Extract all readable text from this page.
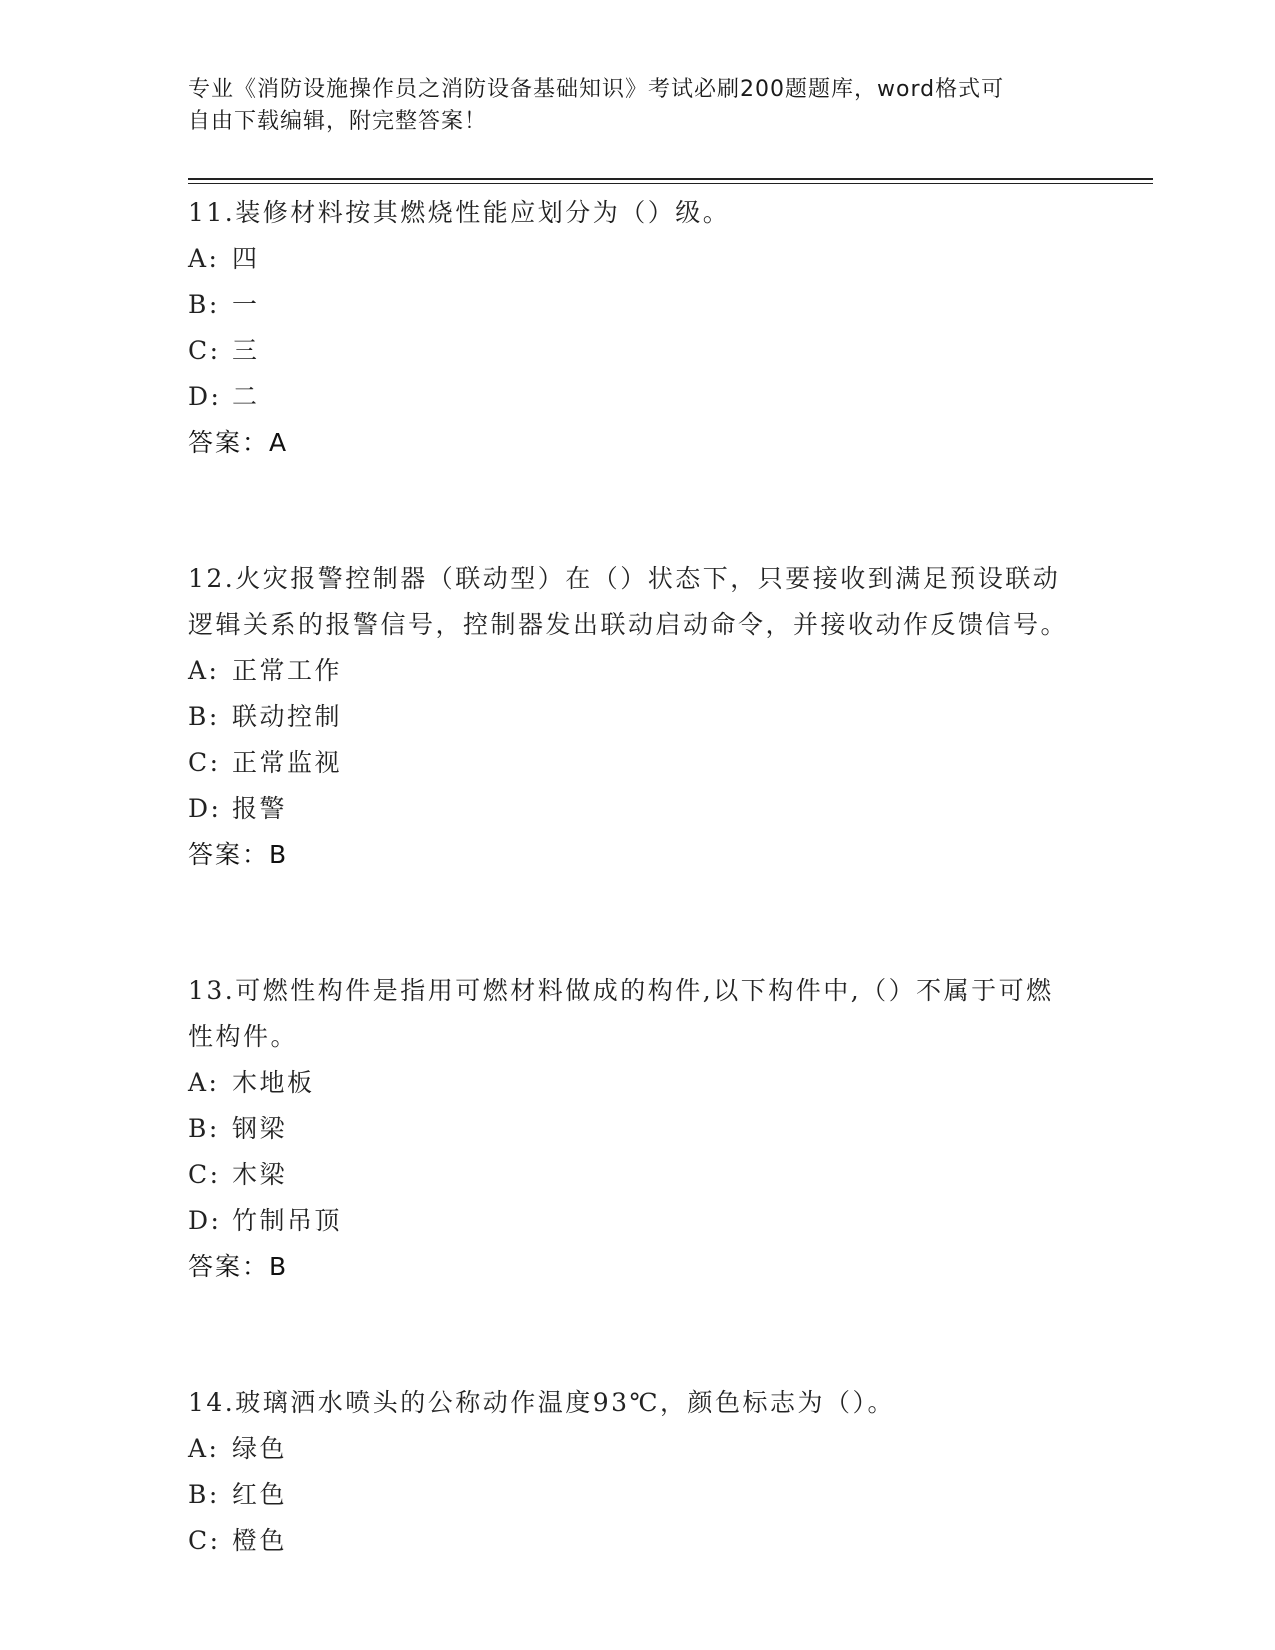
专业《消防设施操作员之消防设备基础知识》考试必刷200题题库，word格式可
自由下载编辑，附完整答案！

11.装修材料按其燃烧性能应划分为（）级。

A: 四

B: 一

C: 三

D: 二

答案：A

12.火灾报警控制器（联动型）在（）状态下，只要接收到满足预设联动逻辑关系的报警信号，控制器发出联动启动命令，并接收动作反馈信号。

A: 正常工作

B: 联动控制

C: 正常监视

D: 报警

答案：B

13.可燃性构件是指用可燃材料做成的构件,以下构件中,（）不属于可燃性构件。

A: 木地板

B: 钢梁

C: 木梁

D: 竹制吊顶

答案：B

14.玻璃洒水喷头的公称动作温度93℃，颜色标志为（）。

A: 绿色

B: 红色

C: 橙色
